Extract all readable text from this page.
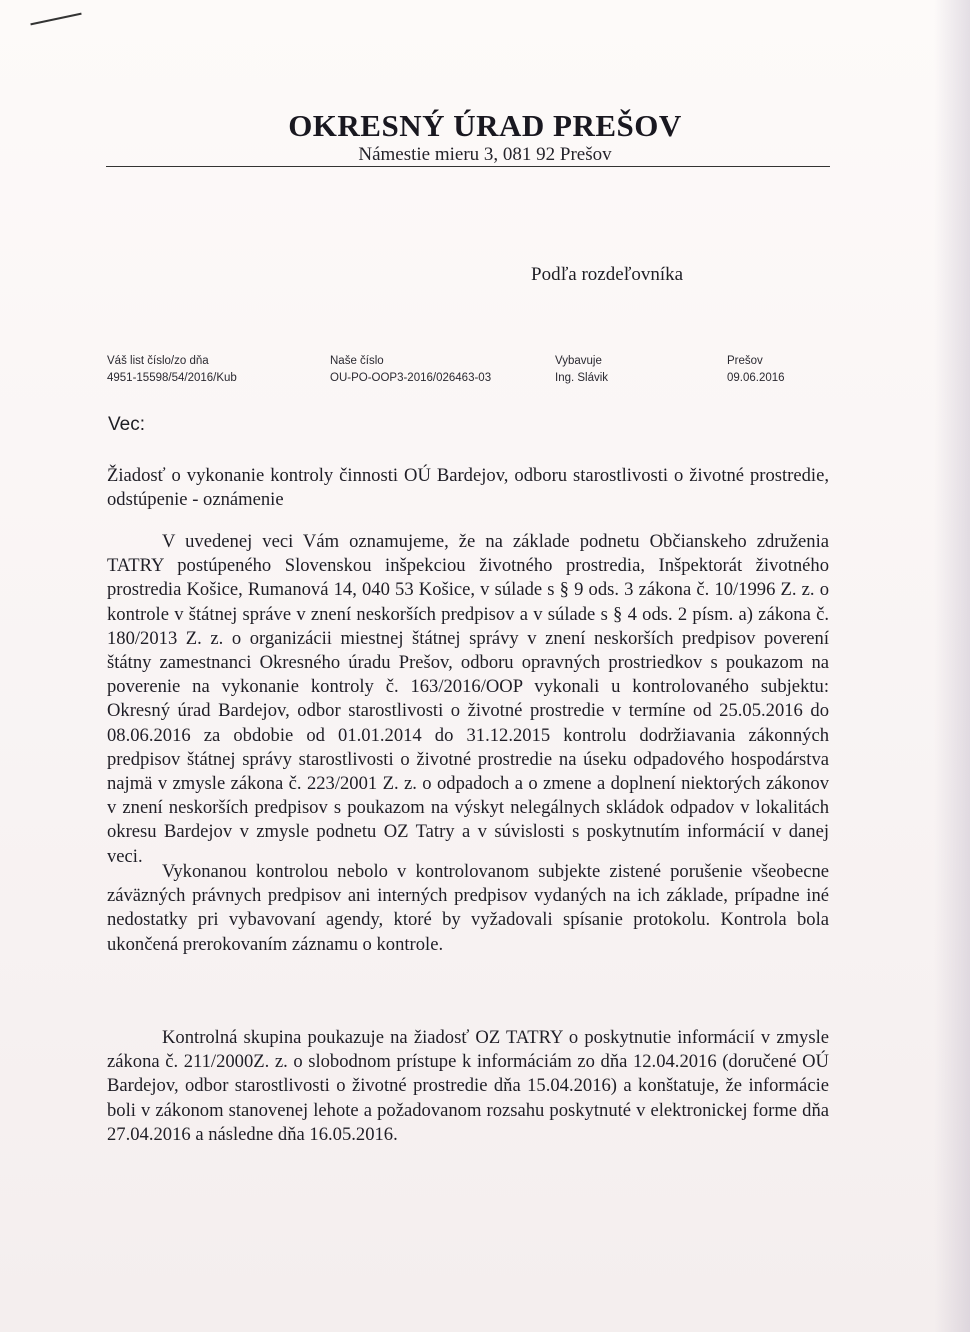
OKRESNÝ ÚRAD PREŠOV
Námestie mieru 3, 081 92 Prešov
Podľa rozdeľovníka
Váš list číslo/zo dňa
4951-15598/54/2016/Kub
Naše číslo
OU-PO-OOP3-2016/026463-03
Vybavuje
Ing. Slávik
Prešov
09.06.2016
Vec:
Žiadosť o vykonanie kontroly činnosti OÚ Bardejov, odboru starostlivosti o životné prostredie, odstúpenie - oznámenie
V uvedenej veci Vám oznamujeme, že na základe podnetu Občianskeho združenia TATRY postúpeného Slovenskou inšpekciou životného prostredia, Inšpektorát životného prostredia Košice, Rumanová 14, 040 53 Košice, v súlade s § 9 ods. 3 zákona č. 10/1996 Z. z. o kontrole v štátnej správe v znení neskorších predpisov a v súlade s § 4 ods. 2 písm. a) zákona č. 180/2013 Z. z. o organizácii miestnej štátnej správy v znení neskorších predpisov poverení štátny zamestnanci Okresného úradu Prešov, odboru opravných prostriedkov s poukazom na poverenie na vykonanie kontroly č. 163/2016/OOP vykonali u kontrolovaného subjektu: Okresný úrad Bardejov, odbor starostlivosti o životné prostredie v termíne od 25.05.2016 do 08.06.2016 za obdobie od 01.01.2014 do 31.12.2015 kontrolu dodržiavania zákonných predpisov štátnej správy starostlivosti o životné prostredie na úseku odpadového hospodárstva najmä v zmysle zákona č. 223/2001 Z. z. o odpadoch a o zmene a doplnení niektorých zákonov v znení neskorších predpisov s poukazom na výskyt nelegálnych skládok odpadov v lokalitách okresu Bardejov v zmysle podnetu OZ Tatry a v súvislosti s poskytnutím informácií v danej veci.
Vykonanou kontrolou nebolo v kontrolovanom subjekte zistené porušenie všeobecne záväzných právnych predpisov ani interných predpisov vydaných na ich základe, prípadne iné nedostatky pri vybavovaní agendy, ktoré by vyžadovali spísanie protokolu. Kontrola bola ukončená prerokovaním záznamu o kontrole.
Kontrolná skupina poukazuje na žiadosť OZ TATRY o poskytnutie informácií v zmysle zákona č. 211/2000Z. z. o slobodnom prístupe k informáciám zo dňa 12.04.2016 (doručené OÚ Bardejov, odbor starostlivosti o životné prostredie dňa 15.04.2016) a konštatuje, že informácie boli v zákonom stanovenej lehote a požadovanom rozsahu poskytnuté v elektronickej forme dňa 27.04.2016 a následne dňa 16.05.2016.
